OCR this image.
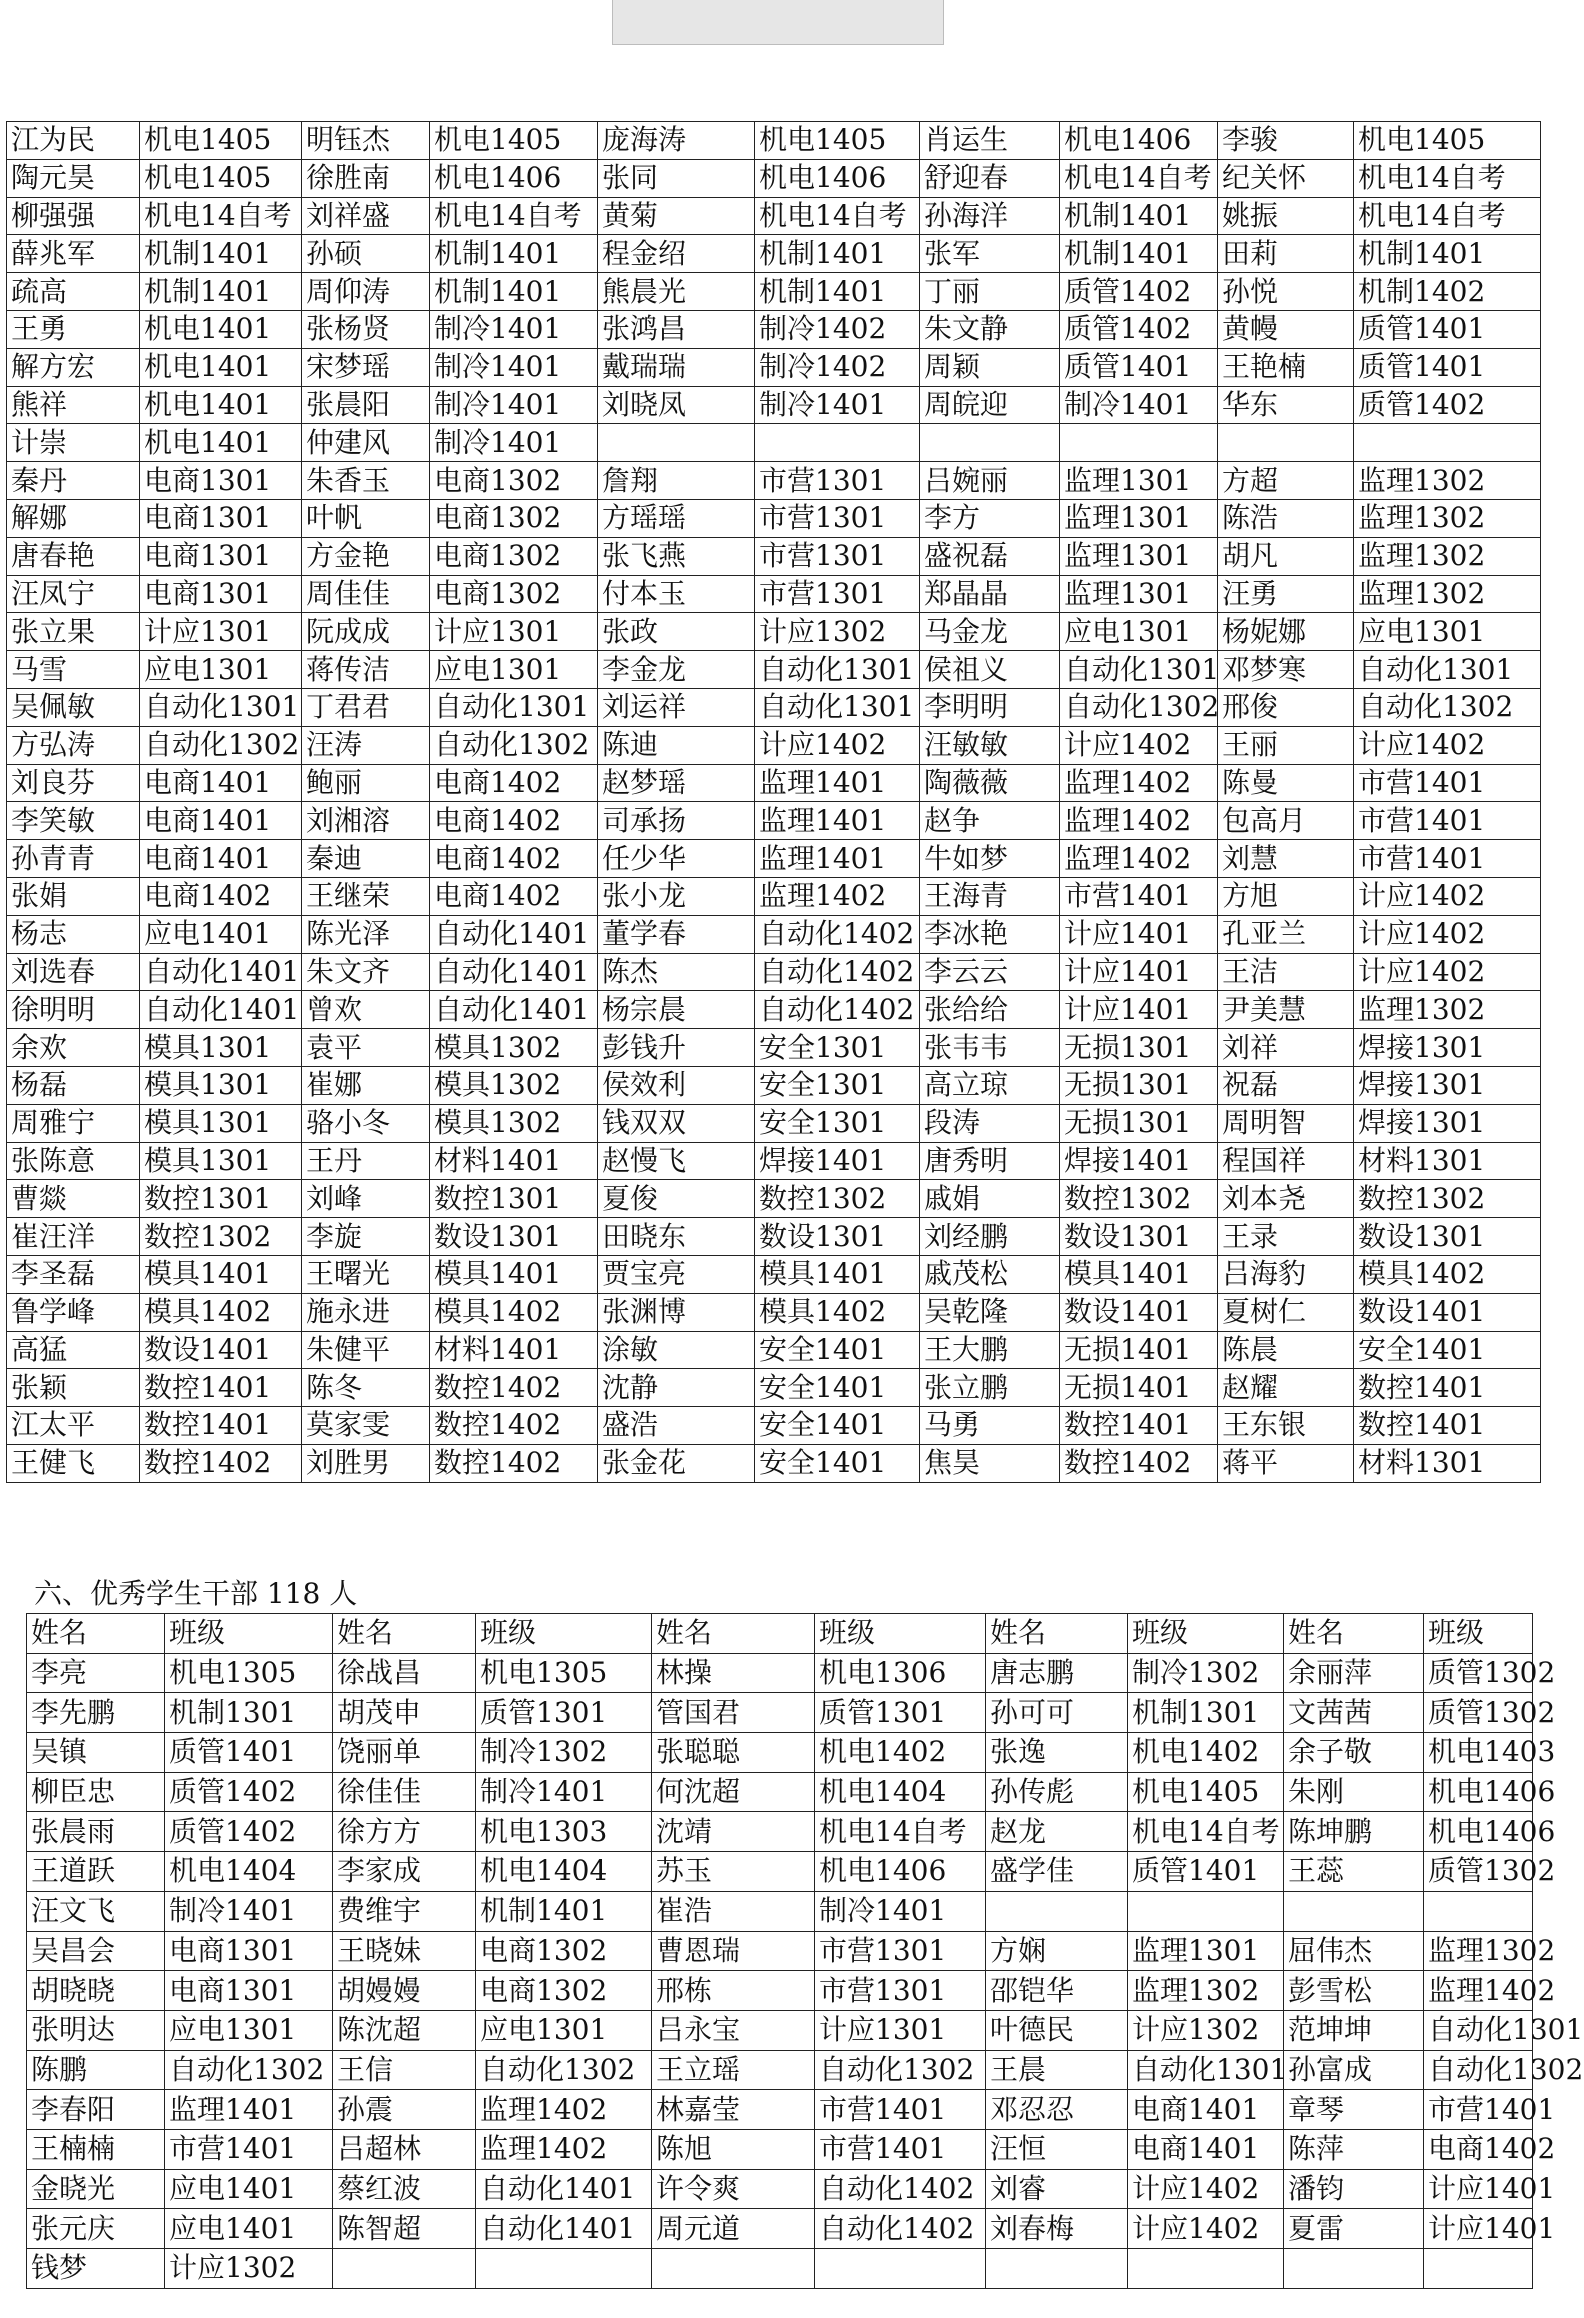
江为民	机电1405	明钰杰	机电1405	庞海涛	机电1405	肖运生	机电1406	李骏	机电1405
陶元昊	机电1405	徐胜南	机电1406	张同	机电1406	舒迎春	机电14自考	纪关怀	机电14自考
柳强强	机电14自考	刘祥盛	机电14自考	黄菊	机电14自考	孙海洋	机制1401	姚振	机电14自考
薛兆军	机制1401	孙硕	机制1401	程金绍	机制1401	张军	机制1401	田莉	机制1401
疏高	机制1401	周仰涛	机制1401	熊晨光	机制1401	丁丽	质管1402	孙悦	机制1402
王勇	机电1401	张杨贤	制冷1401	张鸿昌	制冷1402	朱文静	质管1402	黄幔	质管1401
解方宏	机电1401	宋梦瑶	制冷1401	戴瑞瑞	制冷1402	周颖	质管1401	王艳楠	质管1401
熊祥	机电1401	张晨阳	制冷1401	刘晓凤	制冷1401	周皖迎	制冷1401	华东	质管1402
计崇	机电1401	仲建风	制冷1401						
秦丹	电商1301	朱香玉	电商1302	詹翔	市营1301	吕婉丽	监理1301	方超	监理1302
解娜	电商1301	叶帆	电商1302	方瑶瑶	市营1301	李方	监理1301	陈浩	监理1302
唐春艳	电商1301	方金艳	电商1302	张飞燕	市营1301	盛祝磊	监理1301	胡凡	监理1302
汪凤宁	电商1301	周佳佳	电商1302	付本玉	市营1301	郑晶晶	监理1301	汪勇	监理1302
张立果	计应1301	阮成成	计应1301	张政	计应1302	马金龙	应电1301	杨妮娜	应电1301
马雪	应电1301	蒋传洁	应电1301	李金龙	自动化1301	侯祖义	自动化1301	邓梦寒	自动化1301
吴佩敏	自动化1301	丁君君	自动化1301	刘运祥	自动化1301	李明明	自动化1302	邢俊	自动化1302
方弘涛	自动化1302	汪涛	自动化1302	陈迪	计应1402	汪敏敏	计应1402	王丽	计应1402
刘良芬	电商1401	鲍丽	电商1402	赵梦瑶	监理1401	陶薇薇	监理1402	陈曼	市营1401
李笑敏	电商1401	刘湘溶	电商1402	司承扬	监理1401	赵争	监理1402	包高月	市营1401
孙青青	电商1401	秦迪	电商1402	任少华	监理1401	牛如梦	监理1402	刘慧	市营1401
张娟	电商1402	王继荣	电商1402	张小龙	监理1402	王海青	市营1401	方旭	计应1402
杨志	应电1401	陈光泽	自动化1401	董学春	自动化1402	李冰艳	计应1401	孔亚兰	计应1402
刘选春	自动化1401	朱文齐	自动化1401	陈杰	自动化1402	李云云	计应1401	王洁	计应1402
徐明明	自动化1401	曾欢	自动化1401	杨宗晨	自动化1402	张给给	计应1401	尹美慧	监理1302
余欢	模具1301	袁平	模具1302	彭钱升	安全1301	张韦韦	无损1301	刘祥	焊接1301
杨磊	模具1301	崔娜	模具1302	侯效利	安全1301	高立琼	无损1301	祝磊	焊接1301
周雅宁	模具1301	骆小冬	模具1302	钱双双	安全1301	段涛	无损1301	周明智	焊接1301
张陈意	模具1301	王丹	材料1401	赵慢飞	焊接1401	唐秀明	焊接1401	程国祥	材料1301
曹燚	数控1301	刘峰	数控1301	夏俊	数控1302	戚娟	数控1302	刘本尧	数控1302
崔汪洋	数控1302	李旋	数设1301	田晓东	数设1301	刘经鹏	数设1301	王录	数设1301
李圣磊	模具1401	王曙光	模具1401	贾宝亮	模具1401	戚茂松	模具1401	吕海豹	模具1402
鲁学峰	模具1402	施永进	模具1402	张渊博	模具1402	吴乾隆	数设1401	夏树仁	数设1401
高猛	数设1401	朱健平	材料1401	涂敏	安全1401	王大鹏	无损1401	陈晨	安全1401
张颖	数控1401	陈冬	数控1402	沈静	安全1401	张立鹏	无损1401	赵耀	数控1401
江太平	数控1401	莫家雯	数控1402	盛浩	安全1401	马勇	数控1401	王东银	数控1401
王健飞	数控1402	刘胜男	数控1402	张金花	安全1401	焦昊	数控1402	蒋平	材料1301
六、优秀学生干部 118 人
姓名	班级	姓名	班级	姓名	班级	姓名	班级	姓名	班级
李亮	机电1305	徐战昌	机电1305	林操	机电1306	唐志鹏	制冷1302	余丽萍	质管1302
李先鹏	机制1301	胡茂申	质管1301	管国君	质管1301	孙可可	机制1301	文茜茜	质管1302
吴镇	质管1401	饶丽单	制冷1302	张聪聪	机电1402	张逸	机电1402	余子敬	机电1403
柳臣忠	质管1402	徐佳佳	制冷1401	何沈超	机电1404	孙传彪	机电1405	朱刚	机电1406
张晨雨	质管1402	徐方方	机电1303	沈靖	机电14自考	赵龙	机电14自考	陈坤鹏	机电1406
王道跃	机电1404	李家成	机电1404	苏玉	机电1406	盛学佳	质管1401	王蕊	质管1302
汪文飞	制冷1401	费维宇	机制1401	崔浩	制冷1401				
吴昌会	电商1301	王晓妹	电商1302	曹恩瑞	市营1301	方娴	监理1301	屈伟杰	监理1302
胡晓晓	电商1301	胡嫚嫚	电商1302	邢栋	市营1301	邵铠华	监理1302	彭雪松	监理1402
张明达	应电1301	陈沈超	应电1301	吕永宝	计应1301	叶德民	计应1302	范坤坤	自动化1301
陈鹏	自动化1302	王信	自动化1302	王立瑶	自动化1302	王晨	自动化1301	孙富成	自动化1302
李春阳	监理1401	孙震	监理1402	林嘉莹	市营1401	邓忍忍	电商1401	章琴	市营1401
王楠楠	市营1401	吕超林	监理1402	陈旭	市营1401	汪恒	电商1401	陈萍	电商1402
金晓光	应电1401	蔡红波	自动化1401	许令爽	自动化1402	刘睿	计应1402	潘钧	计应1401
张元庆	应电1401	陈智超	自动化1401	周元道	自动化1402	刘春梅	计应1402	夏雷	计应1401
钱梦	计应1302								
